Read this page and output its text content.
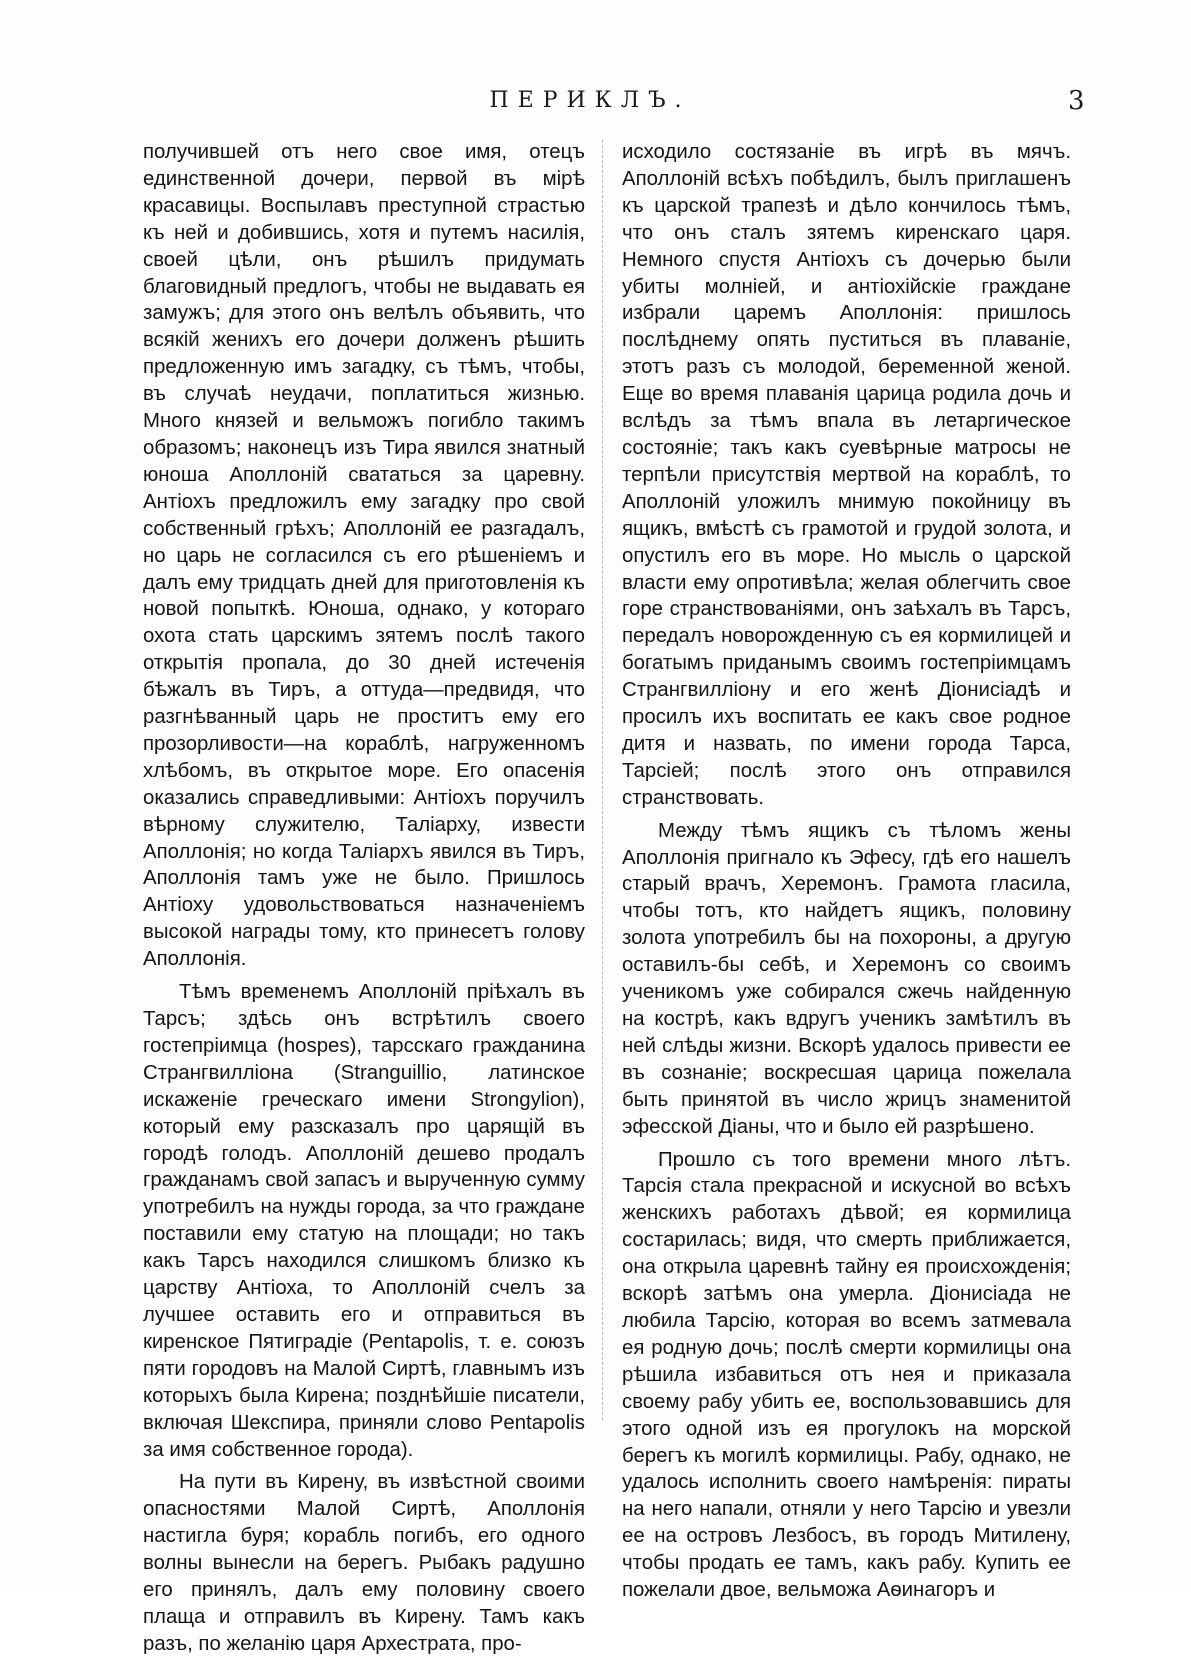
ПЕРИКЛЪ.	3

получившей отъ него свое имя, отецъ единственной дочери, первой въ мірѣ красавицы. Воспылавъ преступной страстью къ ней и добившись, хотя и путемъ насилія, своей цѣли, онъ рѣшилъ придумать благовидный предлогъ, чтобы не выдавать ея замужъ; для этого онъ велѣлъ объявить, что всякій женихъ его дочери долженъ рѣшить предложенную имъ загадку, съ тѣмъ, чтобы, въ случаѣ неудачи, поплатиться жизнью. Много князей и вельможъ погибло такимъ образомъ; наконецъ изъ Тира явился знатный юноша Аполлоній свататься за царевну. Антіохъ предложилъ ему загадку про свой собственный грѣхъ; Аполлоній ее разгадалъ, но царь не согласился съ его рѣшеніемъ и далъ ему тридцать дней для приготовленія къ новой попыткѣ. Юноша, однако, у котораго охота стать царскимъ зятемъ послѣ такого открытія пропала, до 30 дней истеченія бѣжалъ въ Тиръ, а оттуда—предвидя, что разгнѣванный царь не проститъ ему его прозорливости—на кораблѣ, нагруженномъ хлѣбомъ, въ открытое море. Его опасенія оказались справедливыми: Антіохъ поручилъ вѣрному служителю, Таліарху, извести Аполлонія; но когда Таліархъ явился въ Тиръ, Аполлонія тамъ уже не было. Пришлось Антіоху удовольствоваться назначеніемъ высокой награды тому, кто принесетъ голову Аполлонія.

Тѣмъ временемъ Аполлоній пріѣхалъ въ Тарсъ; здѣсь онъ встрѣтилъ своего гостепріимца (hospes), тарсскаго гражданина Странгвилліона (Stranguillio, латинское искаженіе греческаго имени Strongylion), который ему разсказалъ про царящій въ городѣ голодъ. Аполлоній дешево продалъ гражданамъ свой запасъ и вырученную сумму употребилъ на нужды города, за что граждане поставили ему статую на площади; но такъ какъ Тарсъ находился слишкомъ близко къ царству Антіоха, то Аполлоній счелъ за лучшее оставить его и отправиться въ киренское Пятиградіе (Pentapolis, т. е. союзъ пяти городовъ на Малой Сиртѣ, главнымъ изъ которыхъ была Кирена; позднѣйшіе писатели, включая Шекспира, приняли слово Pentapolis за имя собственное города).

На пути въ Кирену, въ извѣстной своими опасностями Малой Сиртѣ, Аполлонія настигла буря; корабль погибъ, его одного волны вынесли на берегъ. Рыбакъ радушно его принялъ, далъ ему половину своего плаща и отправилъ въ Кирену. Тамъ какъ разъ, по желанію царя Архестрата, про-

исходило состязаніе въ игрѣ въ мячъ. Аполлоній всѣхъ побѣдилъ, былъ приглашенъ къ царской трапезѣ и дѣло кончилось тѣмъ, что онъ сталъ зятемъ киренскаго царя. Немного спустя Антіохъ съ дочерью были убиты молніей, и антіохійскіе граждане избрали царемъ Аполлонія: пришлось послѣднему опять пуститься въ плаваніе, этотъ разъ съ молодой, беременной женой. Еще во время плаванія царица родила дочь и вслѣдъ за тѣмъ впала въ летаргическое состояніе; такъ какъ суевѣрные матросы не терпѣли присутствія мертвой на кораблѣ, то Аполлоній уложилъ мнимую покойницу въ ящикъ, вмѣстѣ съ грамотой и грудой золота, и опустилъ его въ море. Но мысль о царской власти ему опротивѣла; желая облегчить свое горе странствованіями, онъ заѣхалъ въ Тарсъ, передалъ новорожденную съ ея кормилицей и богатымъ приданымъ своимъ гостепріимцамъ Странгвилліону и его женѣ Діонисіадѣ и просилъ ихъ воспитать ее какъ свое родное дитя и назвать, по имени города Тарса, Тарсіей; послѣ этого онъ отправился странствовать.

Между тѣмъ ящикъ съ тѣломъ жены Аполлонія пригнало къ Эфесу, гдѣ его нашелъ старый врачъ, Херемонъ. Грамота гласила, чтобы тотъ, кто найдетъ ящикъ, половину золота употребилъ бы на похороны, а другую оставилъ-бы себѣ, и Херемонъ со своимъ ученикомъ уже собирался сжечь найденную на кострѣ, какъ вдругъ ученикъ замѣтилъ въ ней слѣды жизни. Вскорѣ удалось привести ее въ сознаніе; воскресшая царица пожелала быть принятой въ число жрицъ знаменитой эфесской Діаны, что и было ей разрѣшено.

Прошло съ того времени много лѣтъ. Тарсія стала прекрасной и искусной во всѣхъ женскихъ работахъ дѣвой; ея кормилица состарилась; видя, что смерть приближается, она открыла царевнѣ тайну ея происхожденія; вскорѣ затѣмъ она умерла. Діонисіада не любила Тарсію, которая во всемъ затмевала ея родную дочь; послѣ смерти кормилицы она рѣшила избавиться отъ нея и приказала своему рабу убить ее, воспользовавшись для этого одной изъ ея прогулокъ на морской берегъ къ могилѣ кормилицы. Рабу, однако, не удалось исполнить своего намѣренія: пираты на него напали, отняли у него Тарсію и увезли ее на островъ Лезбосъ, въ городъ Митилену, чтобы продать ее тамъ, какъ рабу. Купить ее пожелали двое, вельможа Аѳинагоръ и
